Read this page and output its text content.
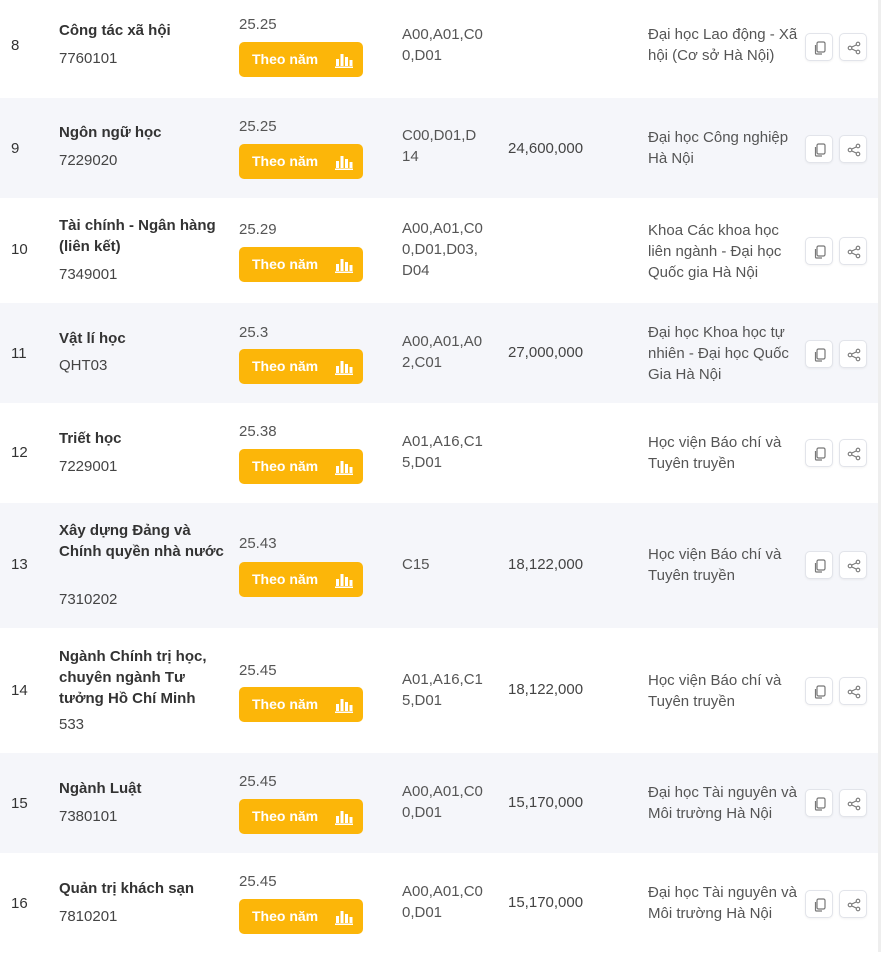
8
Công tác xã hội
7760101
25.25
Theo năm
A00,A01,C00,D01
Đại học Lao động - Xã hội (Cơ sở Hà Nội)
9
Ngôn ngữ học
7229020
25.25
Theo năm
C00,D01,D14	24,600,000
Đại học Công nghiệp Hà Nội
10
Tài chính - Ngân hàng (liên kết)
7349001
25.29
Theo năm
A00,A01,C00,D01,D03,D04
Khoa Các khoa học liên ngành - Đại học Quốc gia Hà Nội
11
Vật lí học
QHT03
25.3
Theo năm
A00,A01,A02,C01
27,000,000
Đại học Khoa học tự nhiên - Đại học Quốc Gia Hà Nội
12
Triết học
7229001
25.38
Theo năm
A01,A16,C15,D01
Học viện Báo chí và Tuyên truyền
13
Xây dựng Đảng và Chính quyền nhà nước
7310202
25.43
Theo năm
C15	18,122,000
Học viện Báo chí và Tuyên truyền
14
Ngành Chính trị học, chuyên ngành Tư tưởng Hồ Chí Minh
533
25.45
Theo năm
A01,A16,C15,D01
18,122,000
Học viện Báo chí và Tuyên truyền
15
Ngành Luật
7380101
25.45
Theo năm
A00,A01,C00,D01
15,170,000
Đại học Tài nguyên và Môi trường Hà Nội
16
Quản trị khách sạn
7810201
25.45
Theo năm
A00,A01,C00,D01
15,170,000
Đại học Tài nguyên và Môi trường Hà Nội
